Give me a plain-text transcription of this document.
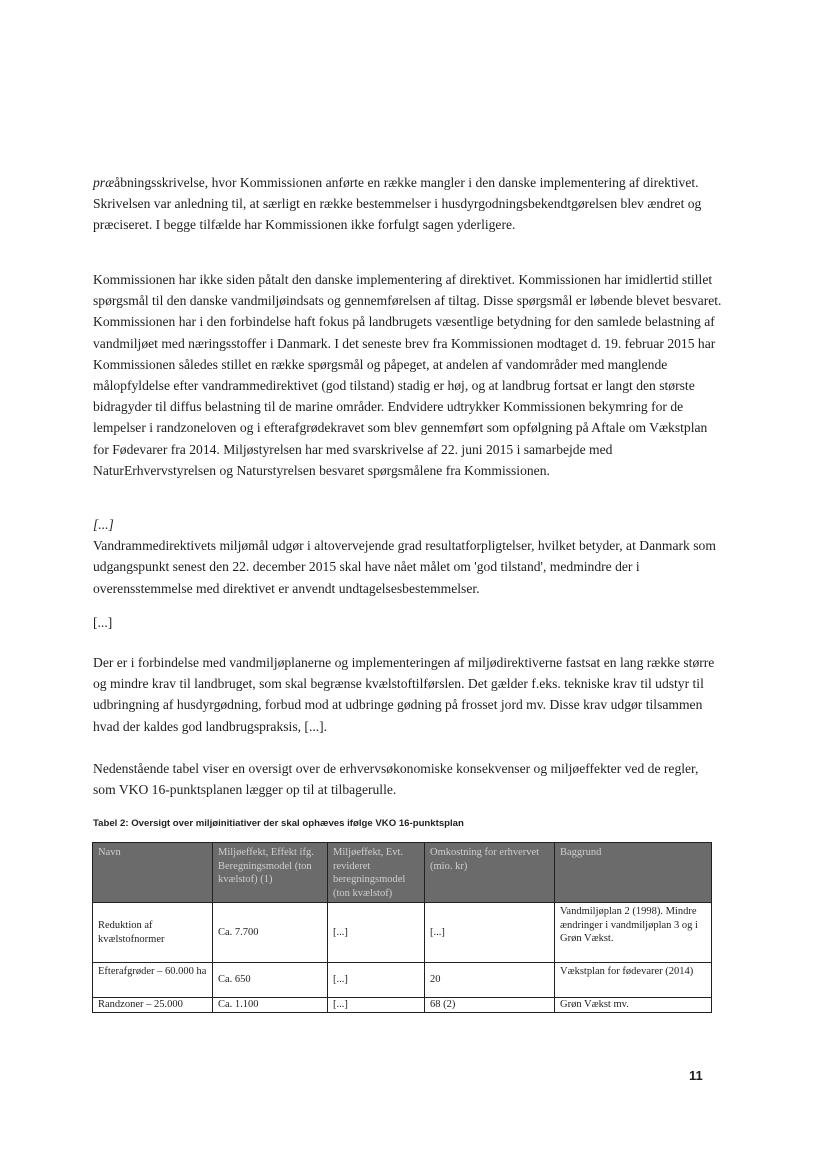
præåbningsskrivelse, hvor Kommissionen anførte en række mangler i den danske implementering af direktivet. Skrivelsen var anledning til, at særligt en række bestemmelser i husdyrgodningsbekendtgørelsen blev ændret og præciseret. I begge tilfælde har Kommissionen ikke forfulgt sagen yderligere.

Kommissionen har ikke siden påtalt den danske implementering af direktivet. Kommissionen har imidlertid stillet spørgsmål til den danske vandmiljøindsats og gennemførelsen af tiltag. Disse spørgsmål er løbende blevet besvaret. Kommissionen har i den forbindelse haft fokus på landbrugets væsentlige betydning for den samlede belastning af vandmiljøet med næringsstoffer i Danmark. I det seneste brev fra Kommissionen modtaget d. 19. februar 2015 har Kommissionen således stillet en række spørgsmål og påpeget, at andelen af vandområder med manglende målopfyldelse efter vandrammedirektivet (god tilstand) stadig er høj, og at landbrug fortsat er langt den største bidragyder til diffus belastning til de marine områder. Endvidere udtrykker Kommissionen bekymring for de lempelser i randzoneloven og i efterafgrødekravet som blev gennemført som opfølgning på Aftale om Vækstplan for Fødevarer fra 2014. Miljøstyrelsen har med svarskrivelse af 22. juni 2015 i samarbejde med NaturErhvervstyrelsen og Naturstyrelsen besvaret spørgsmålene fra Kommissionen.

[...]
Vandrammedirektivets miljømål udgør i altovervejende grad resultatforpligtelser, hvilket betyder, at Danmark som udgangspunkt senest den 22. december 2015 skal have nået målet om 'god tilstand', medmindre der i overensstemmelse med direktivet er anvendt undtagelsesbestemmelser.

[...]

Der er i forbindelse med vandmiljøplanerne og implementeringen af miljødirektiverne fastsat en lang række større og mindre krav til landbruget, som skal begrænse kvælstoftilførslen. Det gælder f.eks. tekniske krav til udstyr til udbringning af husdyrgødning, forbud mod at udbringe gødning på frosset jord mv. Disse krav udgør tilsammen hvad der kaldes god landbrugspraksis, [...].

Nedenstående tabel viser en oversigt over de erhvervsøkonomiske konsekvenser og miljøeffekter ved de regler, som VKO 16-punktsplanen lægger op til at tilbagerulle.

Tabel 2: Oversigt over miljøinitiativer der skal ophæves ifølge VKO 16-punktsplan
Navn	Miljøeffekt, Effekt ifg. Beregningsmodel (ton kvælstof) (1)	Miljøeffekt, Evt. revideret beregningsmodel (ton kvælstof)	Omkostning for erhvervet (mio. kr)	Baggrund
Reduktion af kvælstofnormer	Ca. 7.700	[...]	[...]	Vandmiljøplan 2 (1998). Mindre ændringer i vandmiljøplan 3 og i Grøn Vækst.
Efterafgrøder – 60.000 ha	Ca. 650	[...]	20	Vækstplan for fødevarer (2014)
Randzoner – 25.000	Ca. 1.100	[...]	68 (2)	Grøn Vækst mv.
11
